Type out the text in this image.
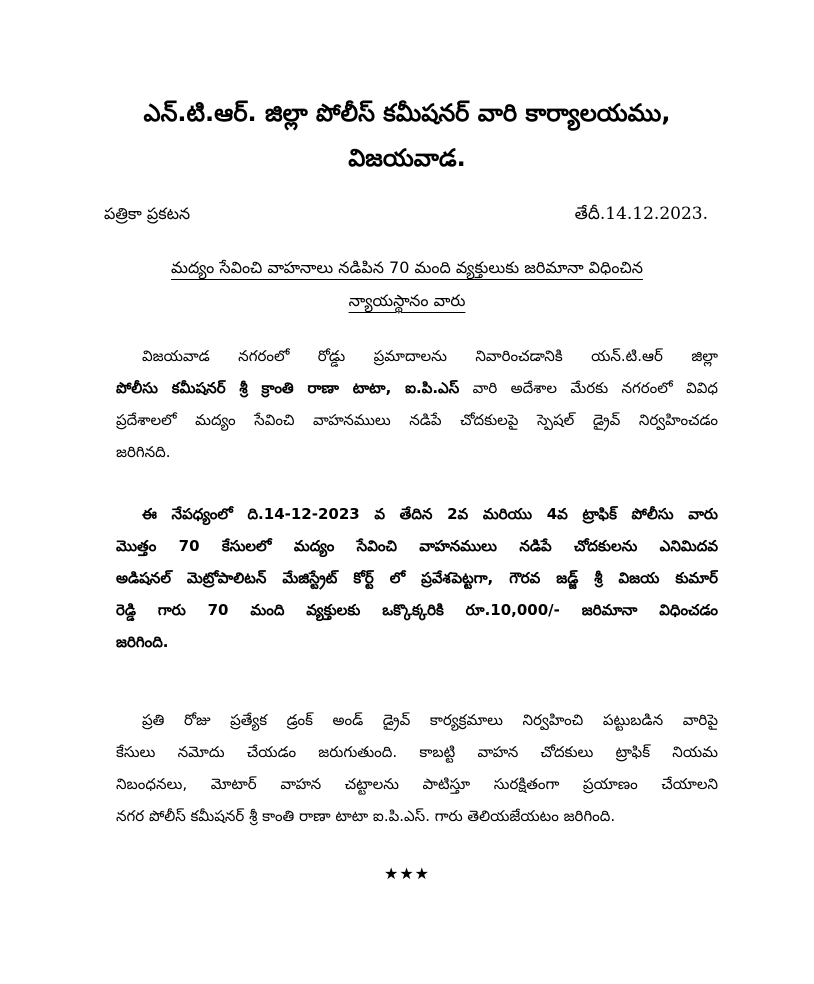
ఎన్.టి.ఆర్. జిల్లా పోలీస్ కమీషనర్ వారి కార్యాలయము,
విజయవాడ.
పత్రికా ప్రకటన	తేదీ.14.12.2023.
మద్యం సేవించి వాహనాలు నడిపిన 70 మంది వ్యక్తులుకు జరిమానా విధించిన
న్యాయస్థానం వారు
విజయవాడ నగరంలో రోడ్డు ప్రమాదాలను నివారించడానికి యన్.టి.ఆర్ జిల్లా
పోలీసు కమీషనర్ శ్రీ క్రాంతి రాణా టాటా, ఐ.పి.ఎస్ వారి అదేశాల మేరకు నగరంలో వివిధ
ప్రదేశాలలో మద్యం సేవించి వాహనములు నడిపే చోదకులపై స్పెషల్ డ్రైవ్ నిర్వహించడం
జరిగినది.
ఈ నేపధ్యంలో ది.14-12-2023 వ తేదిన 2వ మరియు 4వ ట్రాఫిక్ పోలీసు వారు
మొత్తం 70 కేసులలో మద్యం సేవించి వాహనములు నడిపే చోదకులను ఎనిమిదవ
అడిషనల్ మెట్రోపాలిటన్ మేజిస్ట్రేట్ కోర్ట్ లో ప్రవేశపెట్టగా, గౌరవ జడ్జ్ శ్రీ విజయ కుమార్
రెడ్డి గారు 70 మంది వ్యక్తులకు ఒక్కొక్కరికి రూ.10,000/- జరిమానా విధించడం
జరిగింది.
ప్రతి రోజు ప్రత్యేక డ్రంక్ అండ్ డ్రైవ్ కార్యక్రమాలు నిర్వహించి పట్టుబడిన వారిపై
కేసులు నమోదు చేయడం జరుగుతుంది. కాబట్టి వాహన చోదకులు ట్రాఫిక్ నియమ
నిబంధనలు, మోటార్ వాహన చట్టాలను పాటిస్తూ సురక్షితంగా ప్రయాణం చేయాలని
నగర పోలీస్ కమీషనర్ శ్రీ కాంతి రాణా టాటా ఐ.పి.ఎస్. గారు తెలియజేయటం జరిగింది.
★★★
